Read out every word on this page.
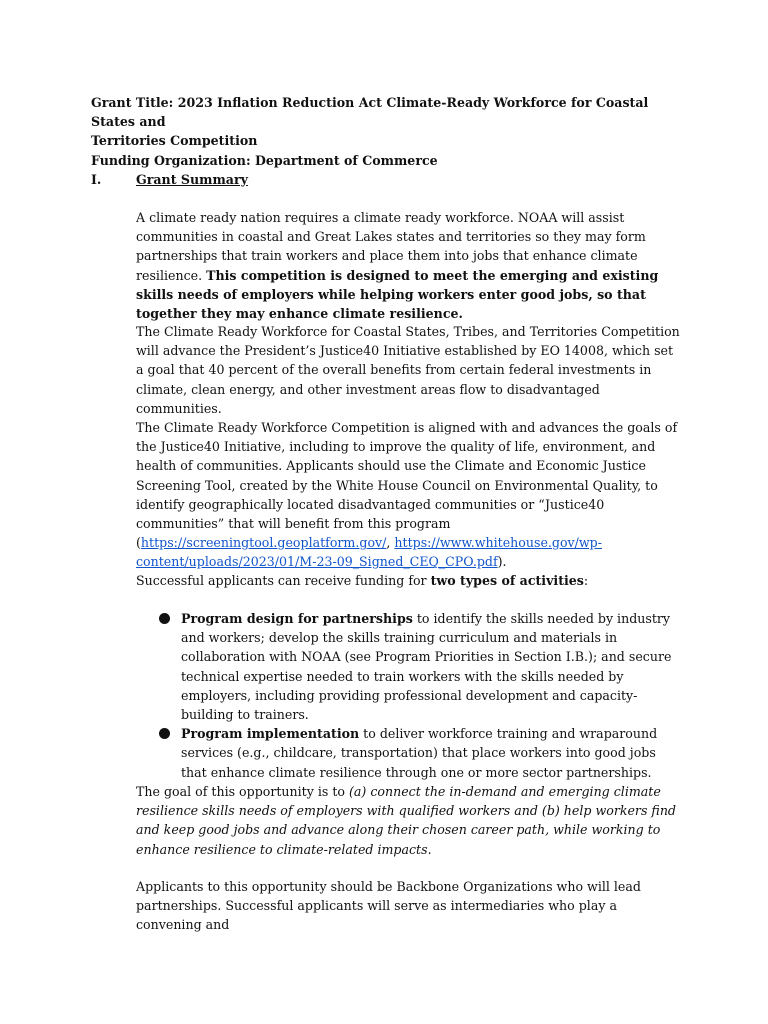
Grant Title: 2023 Inflation Reduction Act Climate-Ready Workforce for Coastal States and
Territories Competition
Funding Organization: Department of Commerce
I.	Grant Summary

A climate ready nation requires a climate ready workforce. NOAA will assist communities in coastal and Great Lakes states and territories so they may form partnerships that train workers and place them into jobs that enhance climate resilience. This competition is designed to meet the emerging and existing skills needs of employers while helping workers enter good jobs, so that together they may enhance climate resilience.

The Climate Ready Workforce for Coastal States, Tribes, and Territories Competition will advance the President’s Justice40 Initiative established by EO 14008, which set a goal that 40 percent of the overall benefits from certain federal investments in climate, clean energy, and other investment areas flow to disadvantaged communities.

The Climate Ready Workforce Competition is aligned with and advances the goals of the Justice40 Initiative, including to improve the quality of life, environment, and health of communities. Applicants should use the Climate and Economic Justice Screening Tool, created by the White House Council on Environmental Quality, to identify geographically located disadvantaged communities or “Justice40 communities” that will benefit from this program (https://screeningtool.geoplatform.gov/, https://www.whitehouse.gov/wp-content/uploads/2023/01/M-23-09_Signed_CEQ_CPO.pdf).

Successful applicants can receive funding for two types of activities:

Program design for partnerships to identify the skills needed by industry and workers; develop the skills training curriculum and materials in collaboration with NOAA (see Program Priorities in Section I.B.); and secure technical expertise needed to train workers with the skills needed by employers, including providing professional development and capacity-building to trainers.
Program implementation to deliver workforce training and wraparound services (e.g., childcare, transportation) that place workers into good jobs that enhance climate resilience through one or more sector partnerships.

The goal of this opportunity is to (a) connect the in-demand and emerging climate resilience skills needs of employers with qualified workers and (b) help workers find and keep good jobs and advance along their chosen career path, while working to enhance resilience to climate-related impacts.

Applicants to this opportunity should be Backbone Organizations who will lead partnerships. Successful applicants will serve as intermediaries who play a convening and
